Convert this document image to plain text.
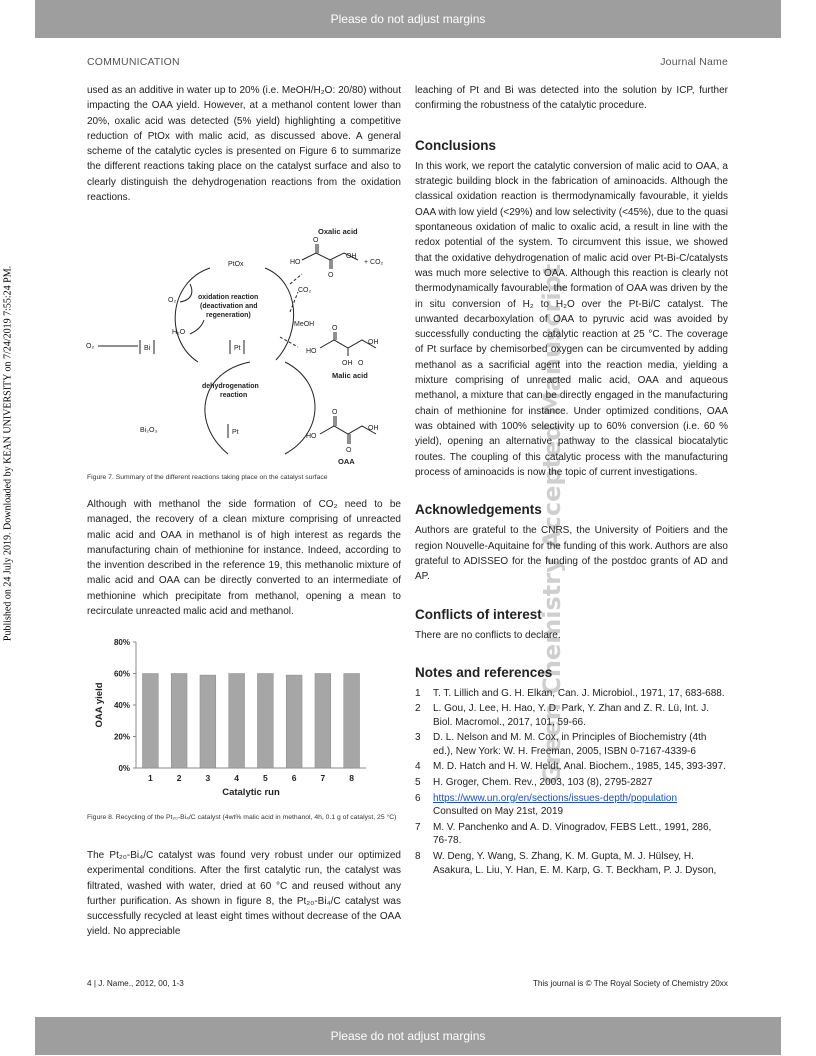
Please do not adjust margins
Please do not adjust margins
Published on 24 July 2019. Downloaded by KEAN UNIVERSITY on 7/24/2019 7:55:24 PM.	Green Chemistry Accepted Manuscript
COMMUNICATION	Journal Name

used as an additive in water up to 20% (i.e. MeOH/H₂O: 20/80) without impacting the OAA yield. However, at a methanol content lower than 20%, oxalic acid was detected (5% yield) highlighting a competitive reduction of PtOx with malic acid, as discussed above. A general scheme of the catalytic cycles is presented on Figure 6 to summarize the different reactions taking place on the catalyst surface and also to clearly distinguish the dehydrogenation reactions from the oxidation reactions.

Oxalic acid
HO
OH
O
O
+ CO₂
PtOx
O₂	oxidation reaction
(deactivation and
regeneration)
CO₂
MeOH
H₂O
O₂	Bi	Pt	HO
OH
O
OH O
Malic acid
dehydrogenation
reaction
Bi₂O₃	Pt
HO
OH
O
O
OAA
Figure 7. Summary of the different reactions taking place on the catalyst surface

Although with methanol the side formation of CO₂ need to be managed, the recovery of a clean mixture comprising of unreacted malic acid and OAA in methanol is of high interest as regards the manufacturing chain of methionine for instance. Indeed, according to the invention described in the reference 19, this methanolic mixture of malic acid and OAA can be directly converted to an intermediate of methionine which precipitate from methanol, opening a mean to recirculate unreacted malic acid and methanol.

0%
20%
40%
60%
80%
1	2	3	4	5	6	7	8
Catalytic run
OAA yield
Figure 8. Recycling of the Pt₂₀-Bi₄/C catalyst (4wt% malic acid in methanol, 4h, 0.1 g of catalyst, 25 °C)

The Pt₂₀-Bi₄/C catalyst was found very robust under our optimized experimental conditions. After the first catalytic run, the catalyst was filtrated, washed with water, dried at 60 °C and reused without any further purification. As shown in figure 8, the Pt₂₀-Bi₄/C catalyst was successfully recycled at least eight times without decrease of the OAA yield. No appreciable

leaching of Pt and Bi was detected into the solution by ICP, further confirming the robustness of the catalytic procedure.

Conclusions

In this work, we report the catalytic conversion of malic acid to OAA, a strategic building block in the fabrication of aminoacids. Although the classical oxidation reaction is thermodynamically favourable, it yields OAA with low yield (<29%) and low selectivity (<45%), due to the quasi spontaneous oxidation of malic to oxalic acid, a result in line with the redox potential of the system. To circumvent this issue, we showed that the oxidative dehydrogenation of malic acid over Pt-Bi-C/catalysts was much more selective to OAA. Although this reaction is clearly not thermodynamically favourable, the formation of OAA was driven by the in situ conversion of H₂ to H₂O over the Pt-Bi/C catalyst. The unwanted decarboxylation of OAA to pyruvic acid was avoided by successfully conducting the catalytic reaction at 25 °C. The coverage of Pt surface by chemisorbed oxygen can be circumvented by adding methanol as a sacrificial agent into the reaction media, yielding a mixture comprising of unreacted malic acid, OAA and aqueous methanol, a mixture that can be directly engaged in the manufacturing chain of methionine for instance. Under optimized conditions, OAA was obtained with 100% selectivity up to 60% conversion (i.e. 60 % yield), opening an alternative pathway to the classical biocatalytic routes. The coupling of this catalytic process with the manufacturing process of aminoacids is now the topic of current investigations.

Acknowledgements

Authors are grateful to the CNRS, the University of Poitiers and the region Nouvelle-Aquitaine for the funding of this work. Authors are also grateful to ADISSEO for the funding of the postdoc grants of AD and AP.

Conflicts of interest

There are no conflicts to declare.

Notes and references

1 T. T. Lillich and G. H. Elkan, Can. J. Microbiol., 1971, 17, 683-688.
2 L. Gou, J. Lee, H. Hao, Y. D. Park, Y. Zhan and Z. R. Lü, Int. J. Biol. Macromol., 2017, 101, 59-66.
3 D. L. Nelson and M. M. Cox, in Principles of Biochemistry (4th ed.), New York: W. H. Freeman, 2005, ISBN 0-7167-4339-6
4 M. D. Hatch and H. W. Heldt, Anal. Biochem., 1985, 145, 393-397.
5 H. Groger, Chem. Rev., 2003, 103 (8), 2795-2827
6 https://www.un.org/en/sections/issues-depth/population
Consulted on May 21st, 2019
7 M. V. Panchenko and A. D. Vinogradov, FEBS Lett., 1991, 286, 76-78.
8 W. Deng, Y. Wang, S. Zhang, K. M. Gupta, M. J. Hülsey, H. Asakura, L. Liu, Y. Han, E. M. Karp, G. T. Beckham, P. J. Dyson,
4 | J. Name., 2012, 00, 1-3	This journal is © The Royal Society of Chemistry 20xx
